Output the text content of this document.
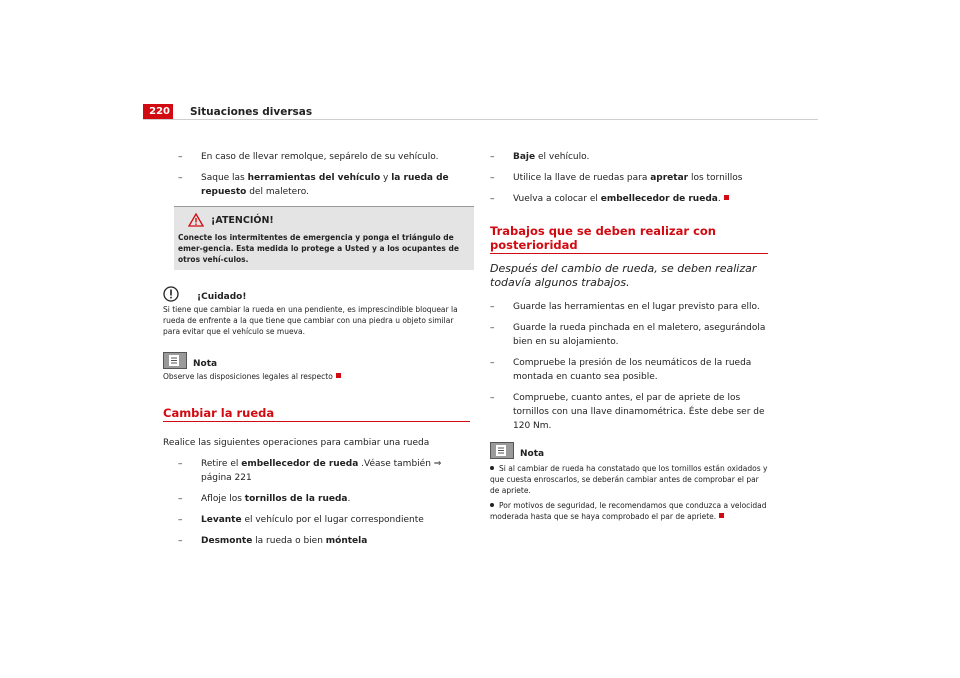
220 Situaciones diversas
– En caso de llevar remolque, sepárelo de su vehículo.
– Saque las herramientas del vehículo y la rueda de repuesto del maletero.
¡ATENCIÓN!
Conecte los intermitentes de emergencia y ponga el triángulo de emer-gencia. Esta medida lo protege a Usted y a los ocupantes de otros vehí-culos.
¡Cuidado!
Si tiene que cambiar la rueda en una pendiente, es imprescindible bloquear la rueda de enfrente a la que tiene que cambiar con una piedra u objeto similar para evitar que el vehículo se mueva.
Nota
Observe las disposiciones legales al respecto
Cambiar la rueda
Realice las siguientes operaciones para cambiar una rueda
– Retire el embellecedor de rueda .Véase también ⇒ página 221
– Afloje los tornillos de la rueda.
– Levante el vehículo por el lugar correspondiente
– Desmonte la rueda o bien móntela
– Baje el vehículo.
– Utilice la llave de ruedas para apretar los tornillos
– Vuelva a colocar el embellecedor de rueda.
Trabajos que se deben realizar con posterioridad
Después del cambio de rueda, se deben realizar todavía algunos trabajos.
– Guarde las herramientas en el lugar previsto para ello.
– Guarde la rueda pinchada en el maletero, asegurándola bien en su alojamiento.
– Compruebe la presión de los neumáticos de la rueda montada en cuanto sea posible.
– Compruebe, cuanto antes, el par de apriete de los tornillos con una llave dinamométrica. Éste debe ser de 120 Nm.
Nota
Si al cambiar de rueda ha constatado que los tornillos están oxidados y que cuesta enroscarlos, se deberán cambiar antes de comprobar el par de apriete.
Por motivos de seguridad, le recomendamos que conduzca a velocidad moderada hasta que se haya comprobado el par de apriete.
